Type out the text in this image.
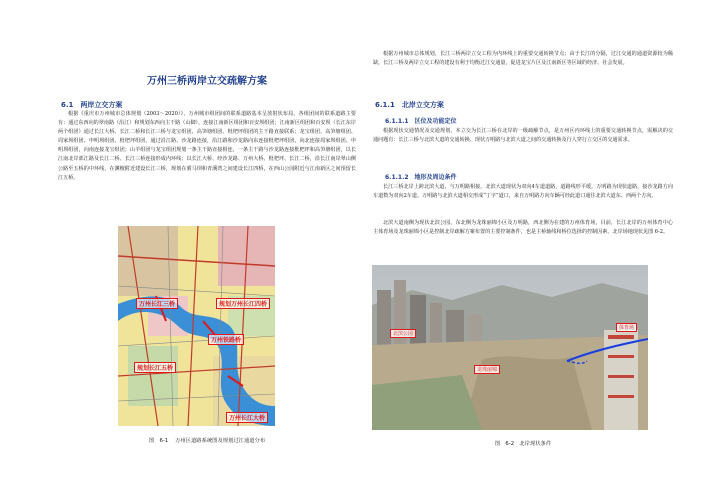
万州三桥两岸立交疏解方案
6.1　两岸立交方案

根据《重庆市万州城市总体规划（2003～2020）》，万州城市组团间的联系道路基本呈放射状布局，各组团间的联系道路主要有：通过东西向的翠南路（沿江）和规划东西向主干路（山脚），连接江南新区组团和百安坝组团；江南新区组团和百安坝（长江东岸两个组团）通过长江大桥、长江二桥和长江三桥与龙宝组团、高笋塘组团、枇杷坪组团的主干路直接联系；龙宝组团、高笋塘组团、周家坝组团、申明坝组团、枇杷坪组团，通过沿江路、沙龙路连接，沿江路和沙龙路向东连接枇杷坪组团，向北连接周家坝组团、申明坝组团，向南连接龙宝组团；山羊组团与龙宝组团规划一条主干路直接相连，一条主干路与沙龙路连接枇杷坪和高笋塘组团，以长江南北岸部江路及长江二桥、长江三桥连接形成内环线；以长江大桥、经沙龙路、万州大桥、枇杷坪、长江二桥，沿长江南岸翠山侧公路至五桥的中环线，在渊檀附近建设长江三桥，规划在驸马坝和青溪湾之间建设长江四桥，在西山公园附近与江南新区之间预留长江五桥。

万州长江三桥	规划万州长江四桥
万州铁路桥
规划长江五桥
万州长江大桥
图　6-1　 万州区道路系统图及规划过江通道分布

根据万州城市总体规划，长江三桥两岸立交工程为内环线上的重要交通转换节点；由于长江的分隔，过江交通的通道资源较为稀缺，长江三桥及两岸立交工程的建设有利于均衡过江交通量，促进龙宝片区及江南新区等区域的经济、社会发展。

6.1.1　北岸立交方案
6.1.1.1　区位及功能定位

根据现状交通情况及交通规划，本立交为长江三桥在北岸的一级疏解节点，是万州区内环线上的重要交通转换节点，需解决的交通问题有：长江三桥与北滨大道的交通转换、现状万明路与北滨大道之间的交通转换及行人穿行立交区的交通需求。

6.1.1.2　地形及周边条件

长江三桥北岸上跨北滨大道、与万明路相接。北滨大道现状为双向4车道道路，道路线形平缓，万明路为现状道路，接沙龙路方向车道数为双向2车道。万明路与北滨大道相交形成“丁字”道口，来自万明路方向车辆可经此道口通往北滨大道东、西两个方向。

北滨大道南侧为现状北滨公园，东北侧为龙珠丽锦小区及万明路，西北侧为在建的万州体育场，目前，长江北岸的万州体育中心主体育场及龙珠丽锦小区是控制北岸疏解方案布置的主要控制条件，也是主桥轴线和桥位选择的控制因素。北岸场地现状见图 6-2。

北滨公园
龙珠丽锦
体育场
图　6-2　北岸现状条件
